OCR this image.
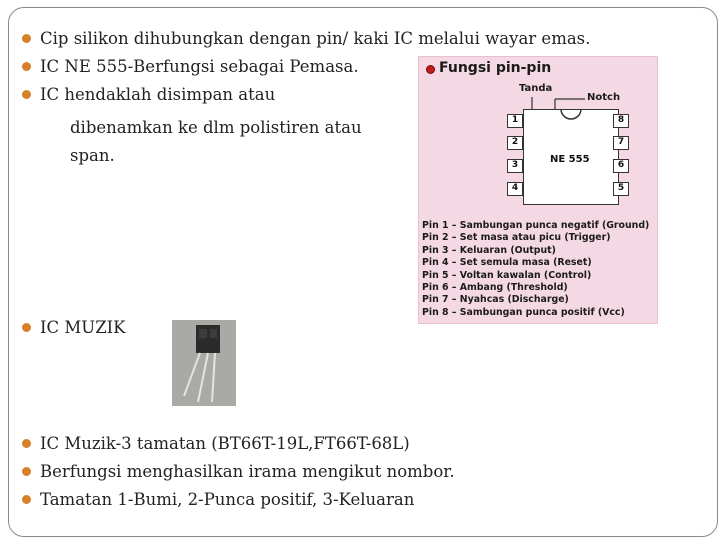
Cip silikon dihubungkan dengan pin/ kaki IC melalui wayar emas.
IC NE 555-Berfungsi sebagai Pemasa.
IC hendaklah disimpan atau
dibenamkan ke dlm polistiren atau
span.
Fungsi pin-pin
Tanda
Notch
NE 555
1
2
3
4
8
7
6
5
Pin 1 – Sambungan punca negatif (Ground)
Pin 2 – Set masa atau picu (Trigger)
Pin 3 – Keluaran (Output)
Pin 4 – Set semula masa (Reset)
Pin 5 – Voltan kawalan (Control)
Pin 6 – Ambang (Threshold)
Pin 7 – Nyahcas (Discharge)
Pin 8 – Sambungan punca positif (Vcc)
IC MUZIK
IC Muzik-3 tamatan (BT66T-19L,FT66T-68L)
Berfungsi menghasilkan irama mengikut nombor.
Tamatan 1-Bumi, 2-Punca positif, 3-Keluaran
